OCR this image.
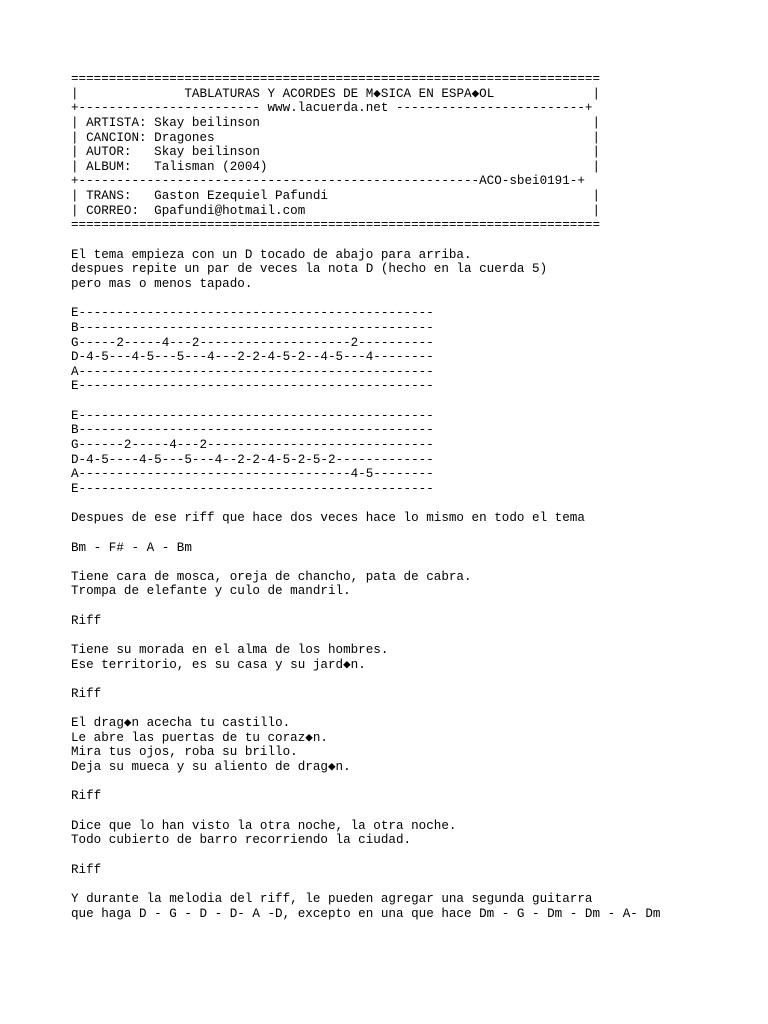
======================================================================
|              TABLATURAS Y ACORDES DE M◆SICA EN ESPA◆OL             |
+------------------------ www.lacuerda.net -------------------------+
| ARTISTA: Skay beilinson                                            |
| CANCION: Dragones                                                  |
| AUTOR:   Skay beilinson                                            |
| ALBUM:   Talisman (2004)                                           |
+-----------------------------------------------------ACO-sbei0191-+
| TRANS:   Gaston Ezequiel Pafundi                                   |
| CORREO:  Gpafundi@hotmail.com                                      |
======================================================================
El tema empieza con un D tocado de abajo para arriba.
despues repite un par de veces la nota D (hecho en la cuerda 5)
pero mas o menos tapado.
E-----------------------------------------------
B-----------------------------------------------
G-----2-----4---2--------------------2----------
D-4-5---4-5---5---4---2-2-4-5-2--4-5---4--------
A-----------------------------------------------
E-----------------------------------------------
E-----------------------------------------------
B-----------------------------------------------
G------2-----4---2------------------------------
D-4-5----4-5---5---4--2-2-4-5-2-5-2-------------
A------------------------------------4-5--------
E-----------------------------------------------
Despues de ese riff que hace dos veces hace lo mismo en todo el tema
Bm - F# - A - Bm
Tiene cara de mosca, oreja de chancho, pata de cabra.
Trompa de elefante y culo de mandril.
Riff
Tiene su morada en el alma de los hombres.
Ese territorio, es su casa y su jard◆n.
Riff
El drag◆n acecha tu castillo.
Le abre las puertas de tu coraz◆n.
Mira tus ojos, roba su brillo.
Deja su mueca y su aliento de drag◆n.
Riff
Dice que lo han visto la otra noche, la otra noche.
Todo cubierto de barro recorriendo la ciudad.
Riff
Y durante la melodia del riff, le pueden agregar una segunda guitarra
que haga D - G - D - D- A -D, excepto en una que hace Dm - G - Dm - Dm - A- Dm
